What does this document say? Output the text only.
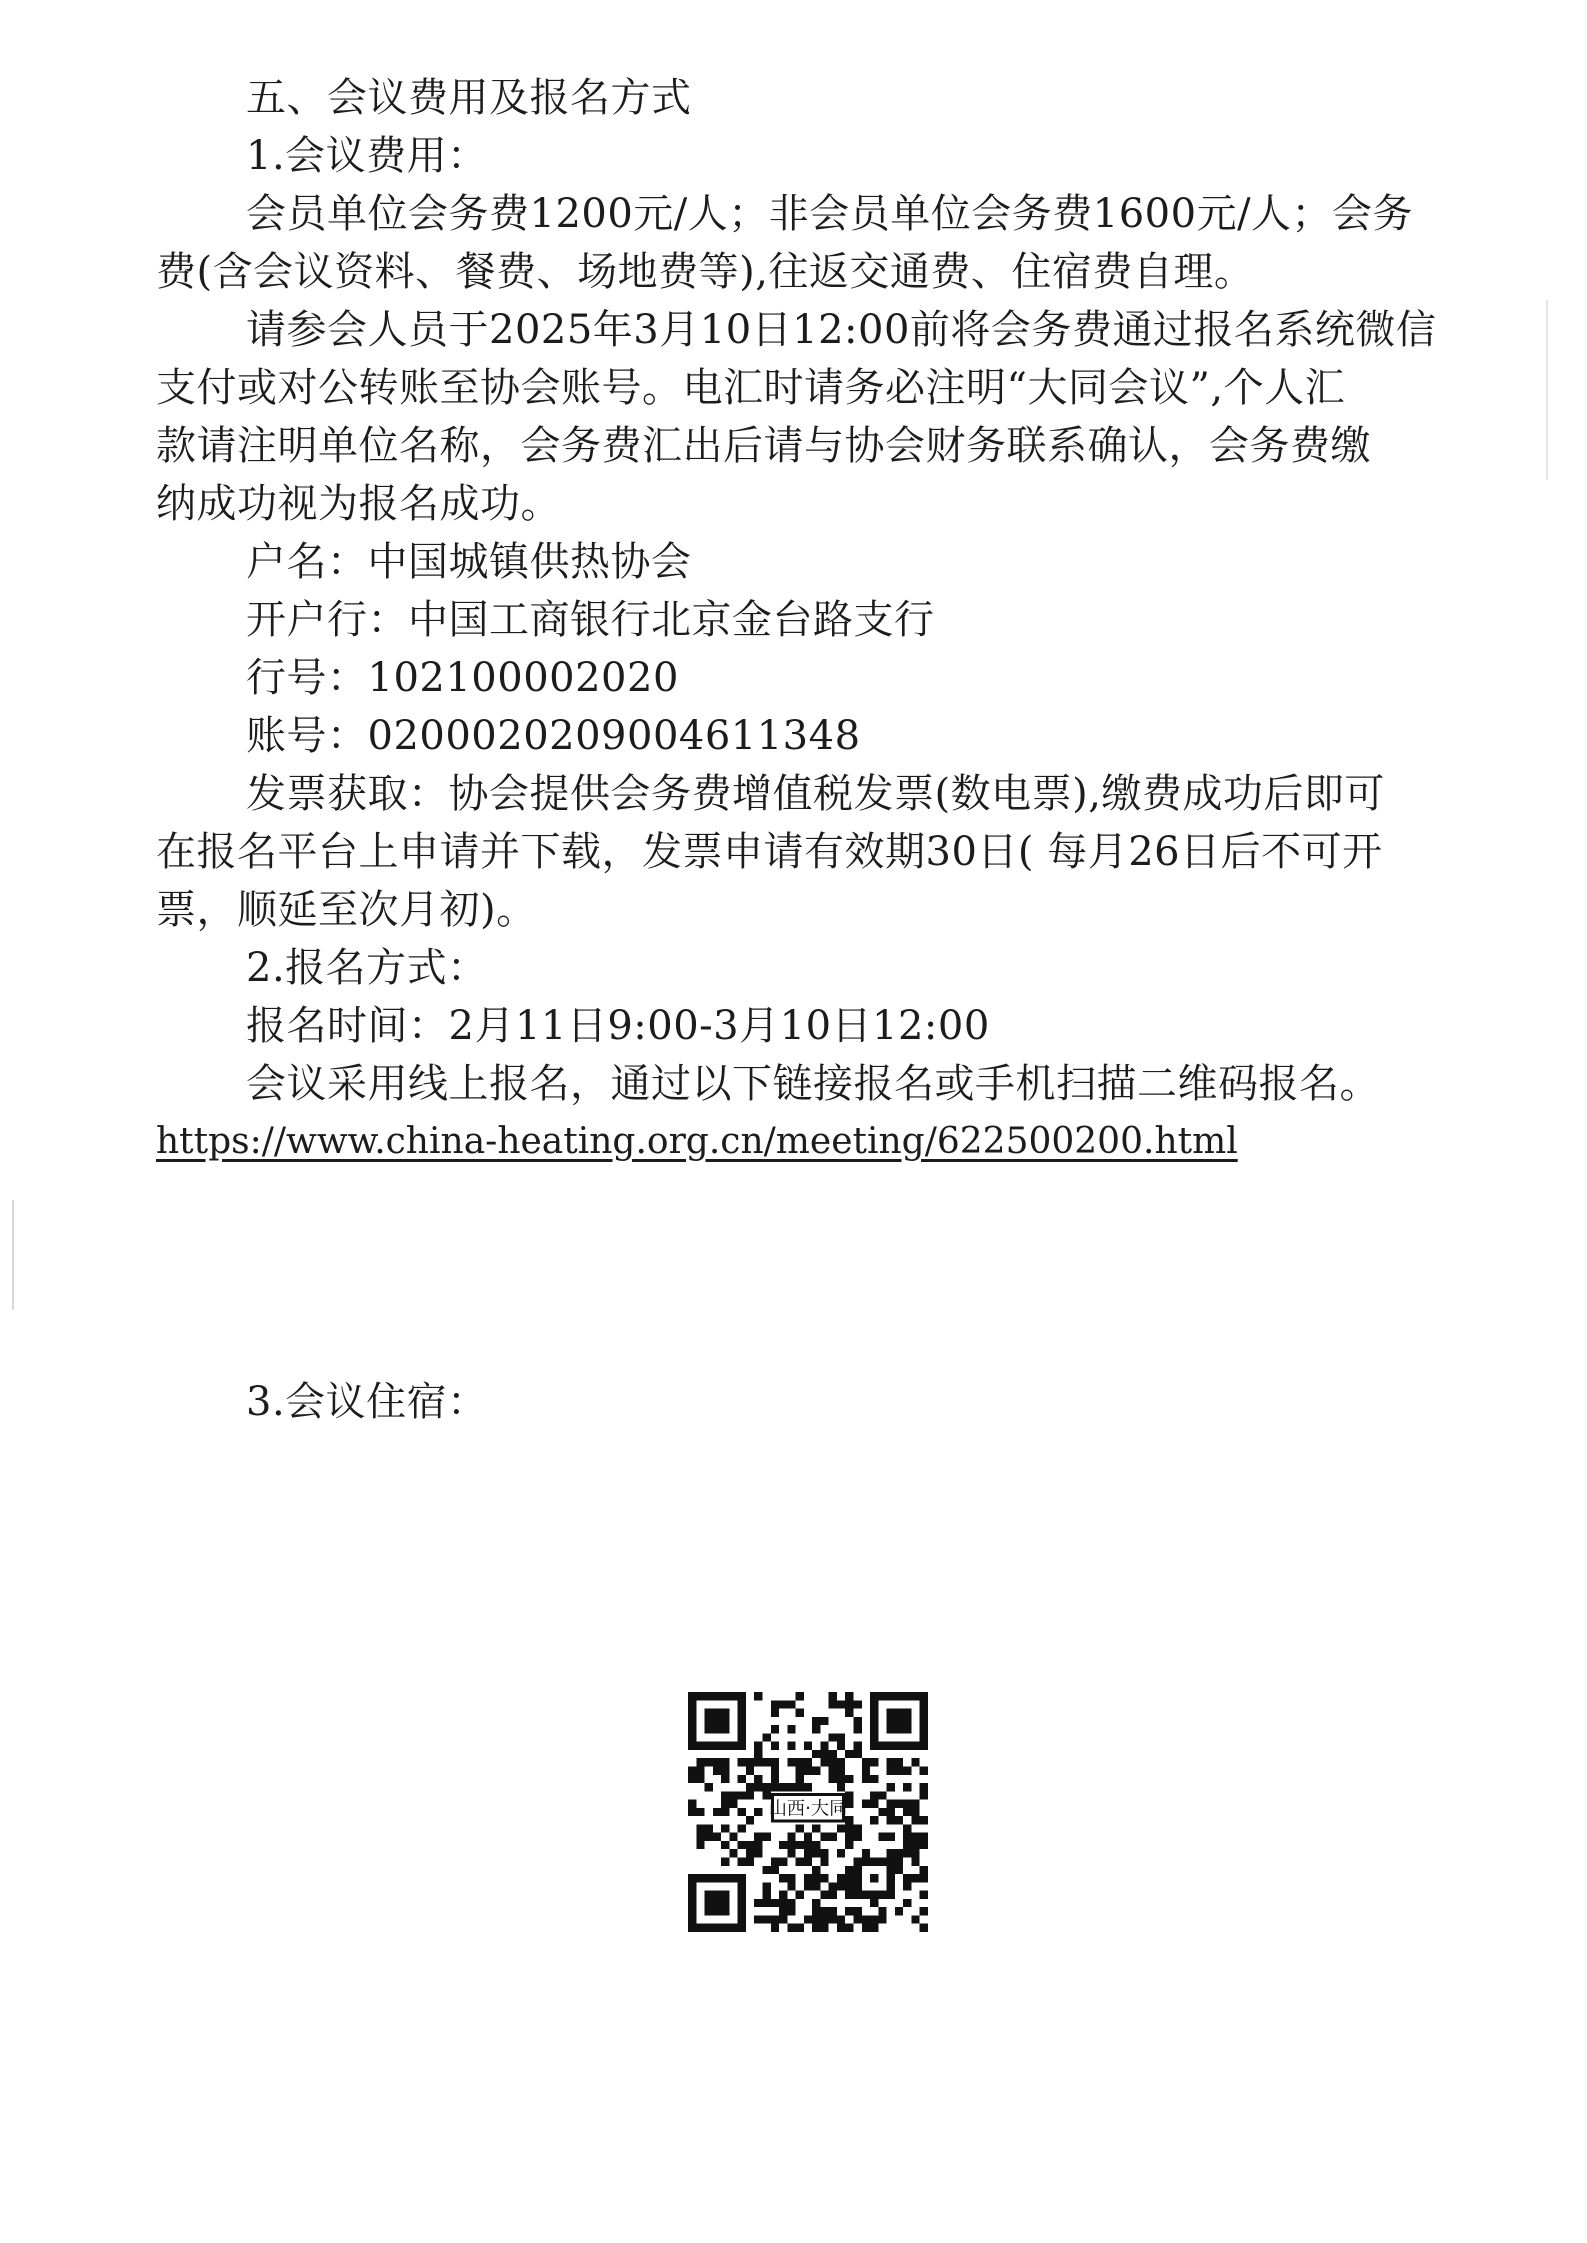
五、会议费用及报名方式
1.会议费用：
会员单位会务费1200元/人；非会员单位会务费1600元/人；会务
费(含会议资料、餐费、场地费等),往返交通费、住宿费自理。
请参会人员于2025年3月10日12:00前将会务费通过报名系统微信
支付或对公转账至协会账号。电汇时请务必注明“大同会议”,个人汇
款请注明单位名称，会务费汇出后请与协会财务联系确认，会务费缴
纳成功视为报名成功。
户名：中国城镇供热协会
开户行：中国工商银行北京金台路支行
行号：102100002020
账号：0200020209004611348
发票获取：协会提供会务费增值税发票(数电票),缴费成功后即可
在报名平台上申请并下载，发票申请有效期30日( 每月26日后不可开
票，顺延至次月初)。
2.报名方式：
报名时间：2月11日9:00-3月10日12:00
会议采用线上报名，通过以下链接报名或手机扫描二维码报名。
https://www.china-heating.org.cn/meeting/622500200.html
山西·大同
3.会议住宿：
